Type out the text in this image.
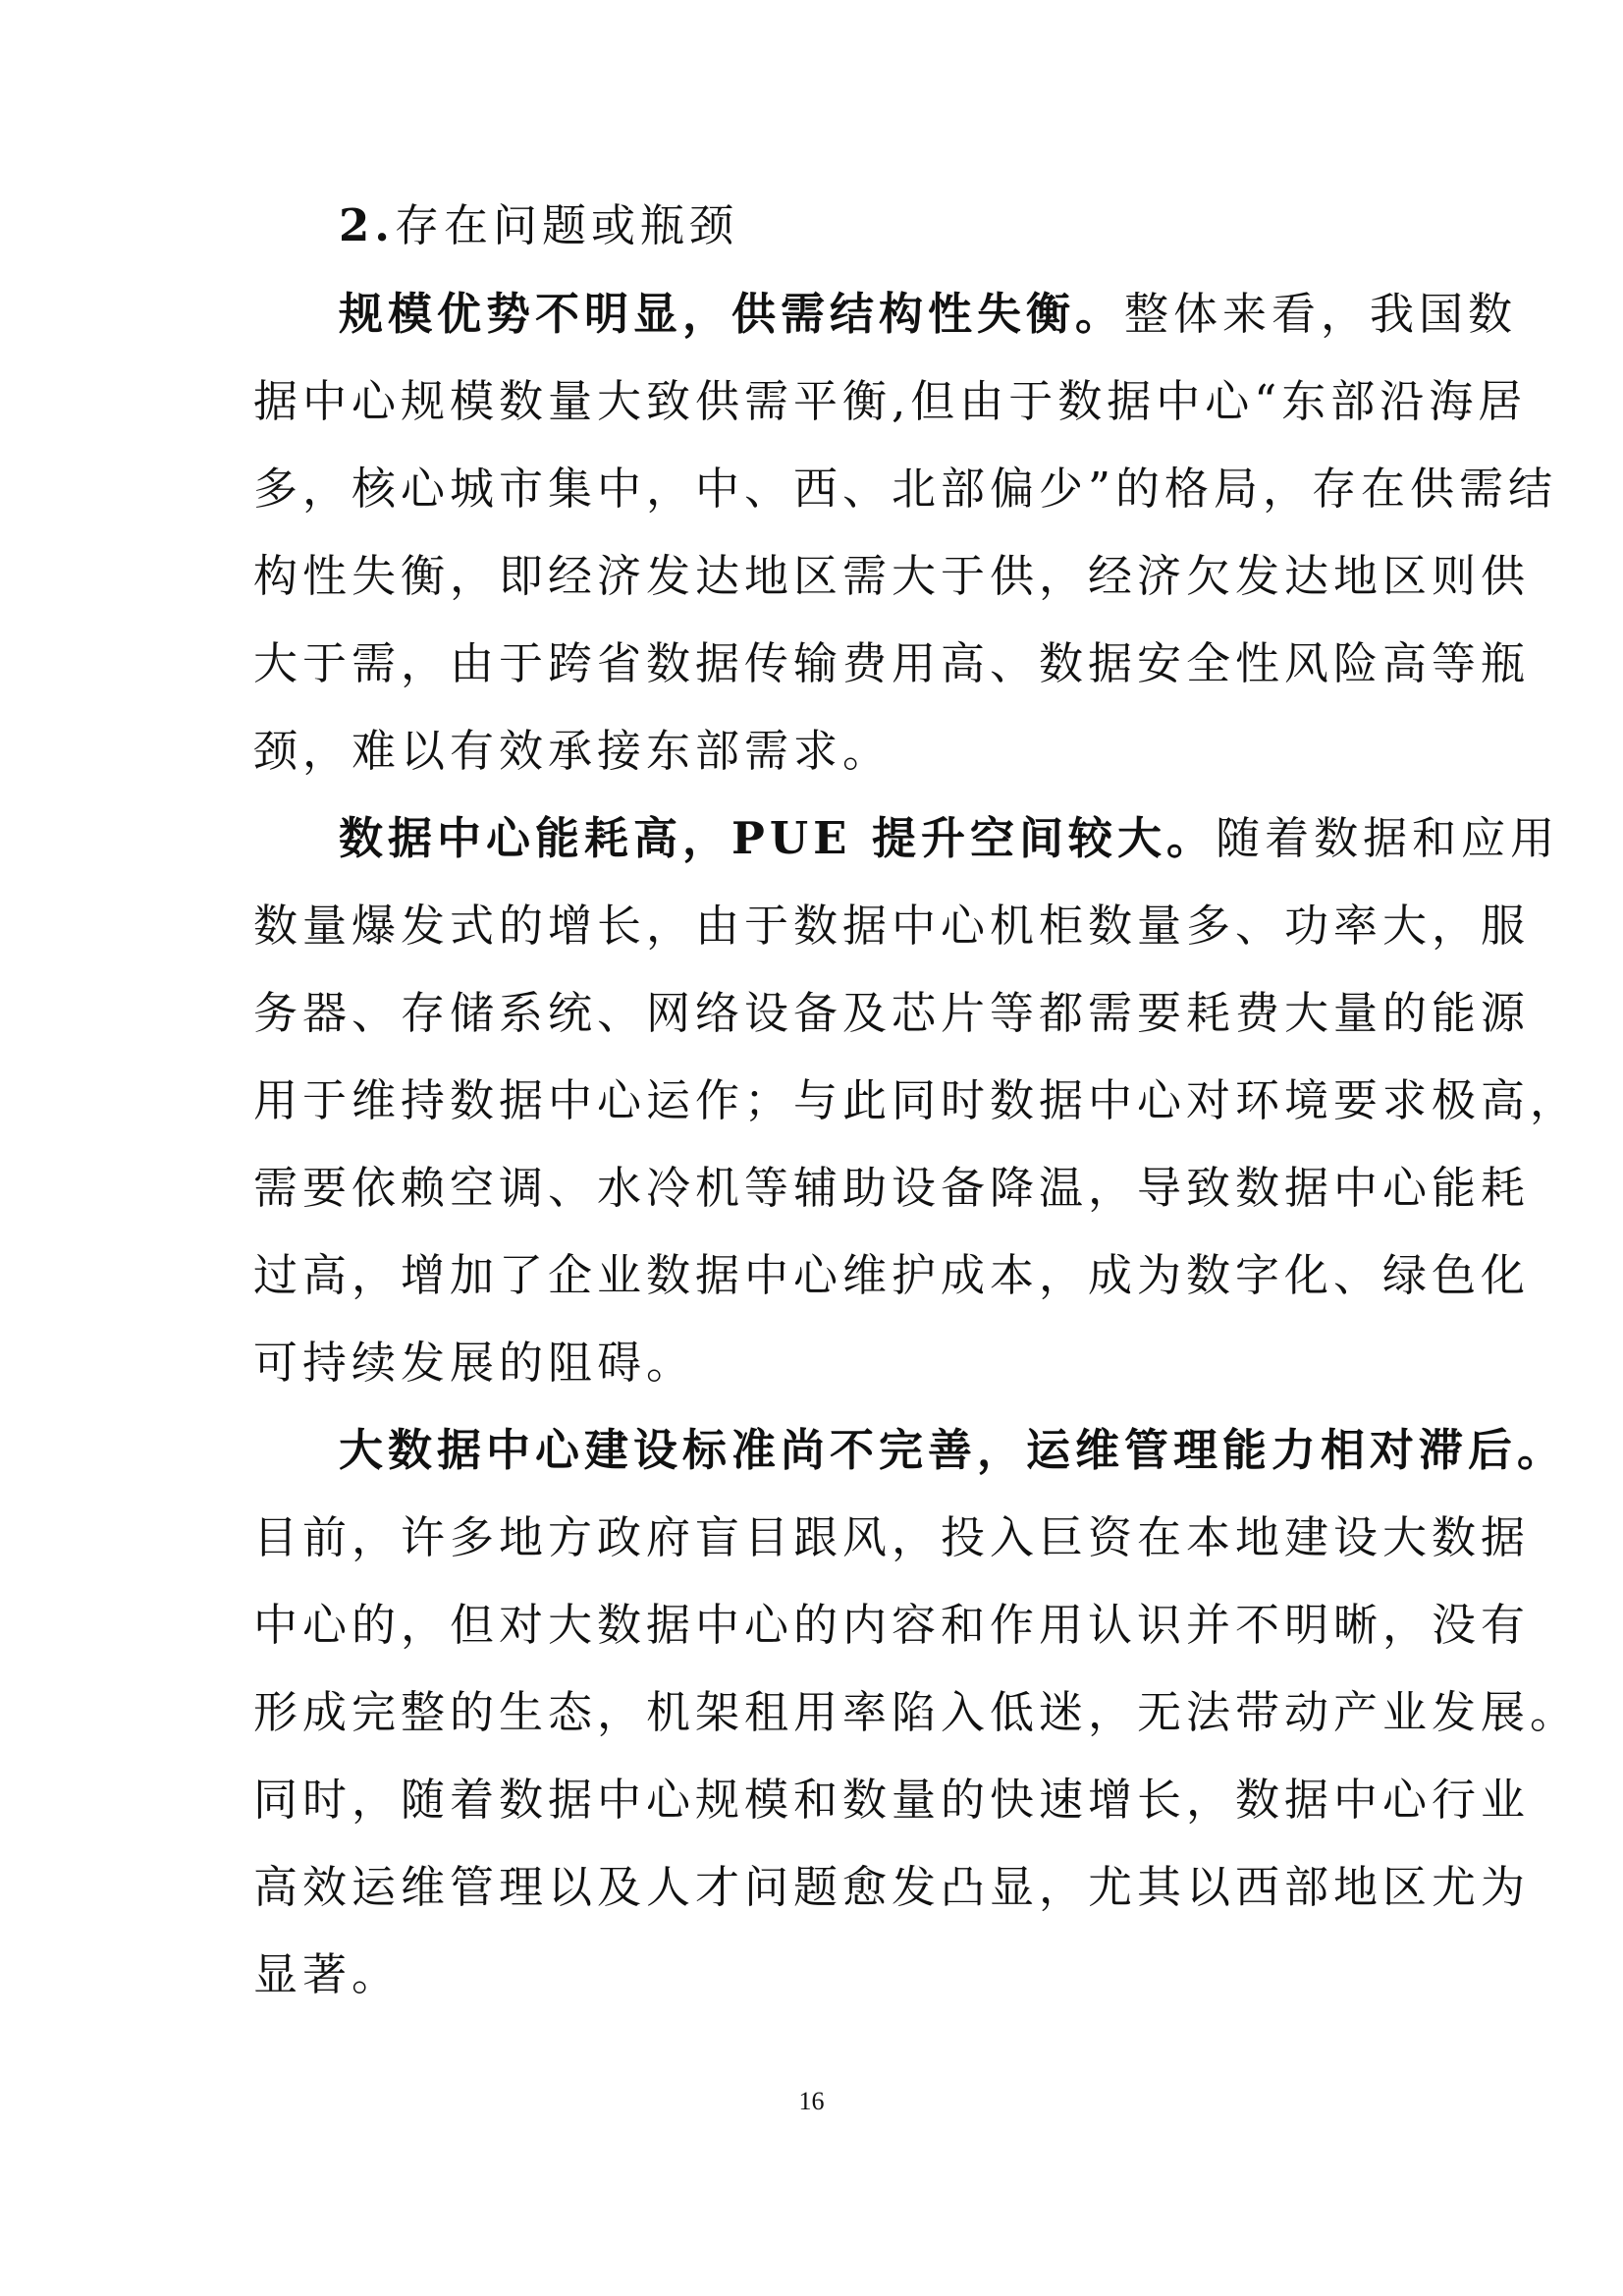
2.存在问题或瓶颈
规模优势不明显，供需结构性失衡。整体来看，我国数
据中心规模数量大致供需平衡,但由于数据中心“东部沿海居
多，核心城市集中，中、西、北部偏少”的格局，存在供需结
构性失衡，即经济发达地区需大于供，经济欠发达地区则供
大于需，由于跨省数据传输费用高、数据安全性风险高等瓶
颈，难以有效承接东部需求。
数据中心能耗高，PUE 提升空间较大。随着数据和应用
数量爆发式的增长，由于数据中心机柜数量多、功率大，服
务器、存储系统、网络设备及芯片等都需要耗费大量的能源
用于维持数据中心运作；与此同时数据中心对环境要求极高，
需要依赖空调、水冷机等辅助设备降温，导致数据中心能耗
过高，增加了企业数据中心维护成本，成为数字化、绿色化
可持续发展的阻碍。
大数据中心建设标准尚不完善，运维管理能力相对滞后。
目前，许多地方政府盲目跟风，投入巨资在本地建设大数据
中心的，但对大数据中心的内容和作用认识并不明晰，没有
形成完整的生态，机架租用率陷入低迷，无法带动产业发展。
同时，随着数据中心规模和数量的快速增长，数据中心行业
高效运维管理以及人才问题愈发凸显，尤其以西部地区尤为
显著。
16
